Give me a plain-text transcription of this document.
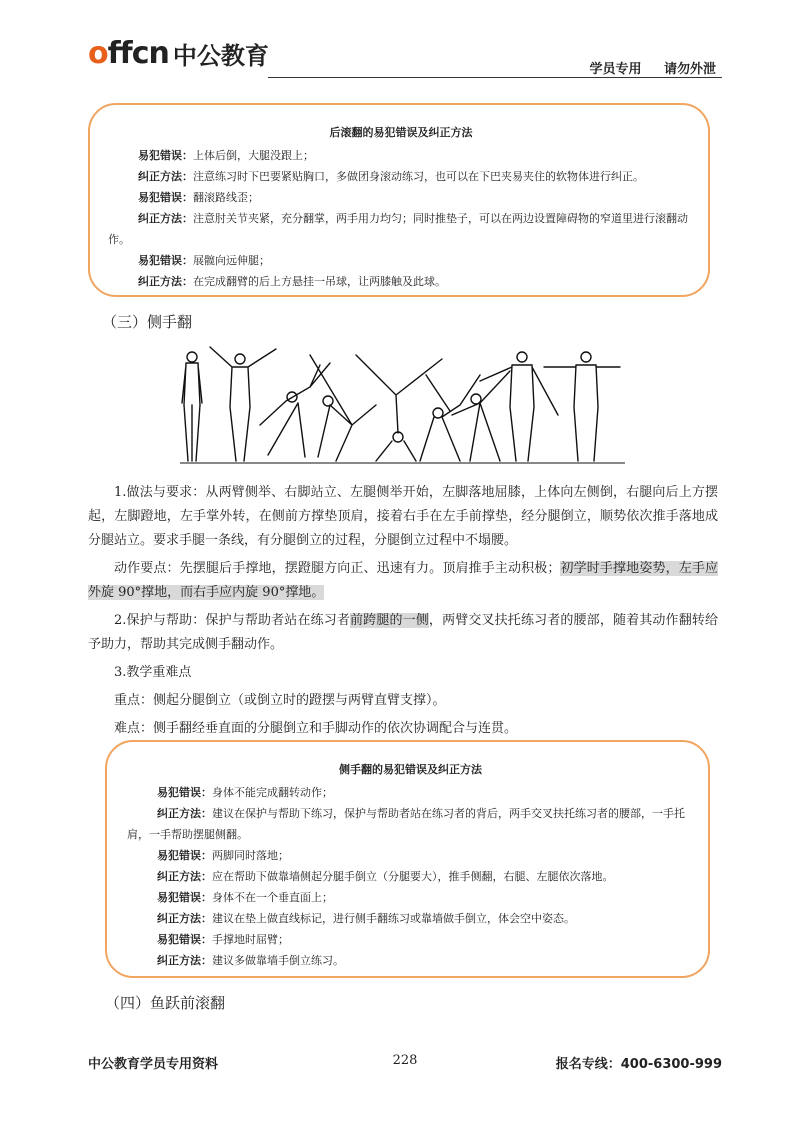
offcn 中公教育	学员专用 请勿外泄
后滚翻的易犯错误及纠正方法
易犯错误：上体后倒，大腿没跟上；
纠正方法：注意练习时下巴要紧贴胸口，多做团身滚动练习，也可以在下巴夹易夹住的软物体进行纠正。
易犯错误：翻滚路线歪；
纠正方法：注意肘关节夹紧，充分翻掌，两手用力均匀；同时推垫子，可以在两边设置障碍物的窄道里进行滚翻动作。
易犯错误：展髋向远伸腿；
纠正方法：在完成翻臂的后上方悬挂一吊球，让两膝触及此球。
（三）侧手翻

1.做法与要求：从两臂侧举、右脚站立、左腿侧举开始，左脚落地屈膝，上体向左侧倒，右腿向后上方摆起，左脚蹬地，左手掌外转，在侧前方撑垫顶肩，接着右手在左手前撑垫，经分腿倒立，顺势依次推手落地成分腿站立。要求手腿一条线，有分腿倒立的过程，分腿倒立过程中不塌腰。

动作要点：先摆腿后手撑地，摆蹬腿方向正、迅速有力。顶肩推手主动积极；初学时手撑地姿势，左手应外旋 90°撑地，而右手应内旋 90°撑地。

2.保护与帮助：保护与帮助者站在练习者前跨腿的一侧，两臂交叉扶托练习者的腰部，随着其动作翻转给予助力，帮助其完成侧手翻动作。

3.教学重难点

重点：侧起分腿倒立（或倒立时的蹬摆与两臂直臂支撑）。

难点：侧手翻经垂直面的分腿倒立和手脚动作的依次协调配合与连贯。

侧手翻的易犯错误及纠正方法
易犯错误：身体不能完成翻转动作；
纠正方法：建议在保护与帮助下练习，保护与帮助者站在练习者的背后，两手交叉扶托练习者的腰部，一手托肩，一手帮助摆腿侧翻。
易犯错误：两脚同时落地；
纠正方法：应在帮助下做靠墙侧起分腿手倒立（分腿要大），推手侧翻，右腿、左腿依次落地。
易犯错误：身体不在一个垂直面上；
纠正方法：建议在垫上做直线标记，进行侧手翻练习或靠墙做手倒立，体会空中姿态。
易犯错误：手撑地时屈臂；
纠正方法：建议多做靠墙手倒立练习。
（四）鱼跃前滚翻
中公教育学员专用资料	228	报名专线：400-6300-999
